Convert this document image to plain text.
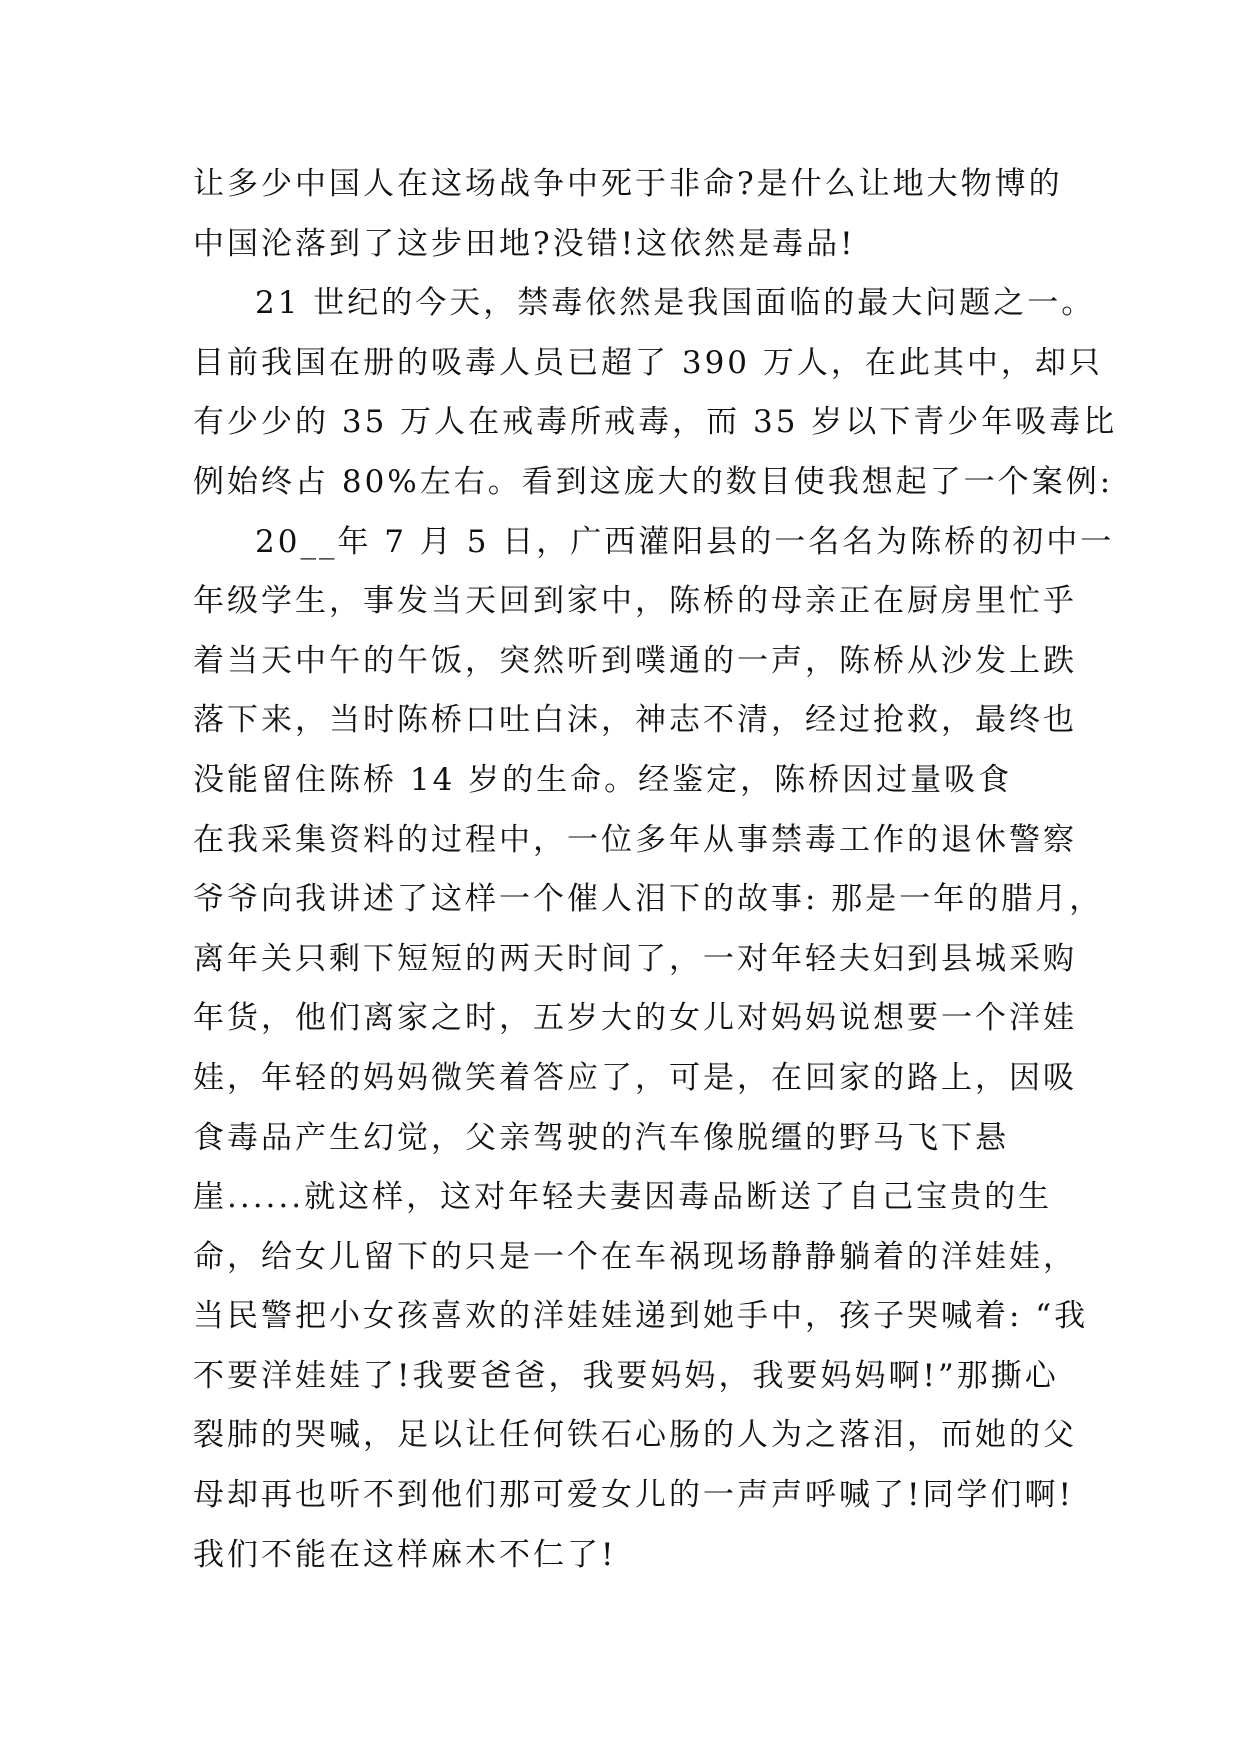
让多少中国人在这场战争中死于非命?是什么让地大物博的
中国沦落到了这步田地?没错!这依然是毒品!
21 世纪的今天，禁毒依然是我国面临的最大问题之一。
目前我国在册的吸毒人员已超了 390 万人，在此其中，却只
有少少的 35 万人在戒毒所戒毒，而 35 岁以下青少年吸毒比
例始终占 80%左右。看到这庞大的数目使我想起了一个案例:
20__年 7 月 5 日，广西灌阳县的一名名为陈桥的初中一
年级学生，事发当天回到家中，陈桥的母亲正在厨房里忙乎
着当天中午的午饭，突然听到噗通的一声，陈桥从沙发上跌
落下来，当时陈桥口吐白沫，神志不清，经过抢救，最终也
没能留住陈桥 14 岁的生命。经鉴定，陈桥因过量吸食
在我采集资料的过程中，一位多年从事禁毒工作的退休警察
爷爷向我讲述了这样一个催人泪下的故事: 那是一年的腊月，
离年关只剩下短短的两天时间了，一对年轻夫妇到县城采购
年货，他们离家之时，五岁大的女儿对妈妈说想要一个洋娃
娃，年轻的妈妈微笑着答应了，可是，在回家的路上，因吸
食毒品产生幻觉，父亲驾驶的汽车像脱缰的野马飞下悬
崖......就这样，这对年轻夫妻因毒品断送了自己宝贵的生
命，给女儿留下的只是一个在车祸现场静静躺着的洋娃娃，
当民警把小女孩喜欢的洋娃娃递到她手中，孩子哭喊着: “我
不要洋娃娃了!我要爸爸，我要妈妈，我要妈妈啊!”那撕心
裂肺的哭喊，足以让任何铁石心肠的人为之落泪，而她的父
母却再也听不到他们那可爱女儿的一声声呼喊了!同学们啊!
我们不能在这样麻木不仁了!
